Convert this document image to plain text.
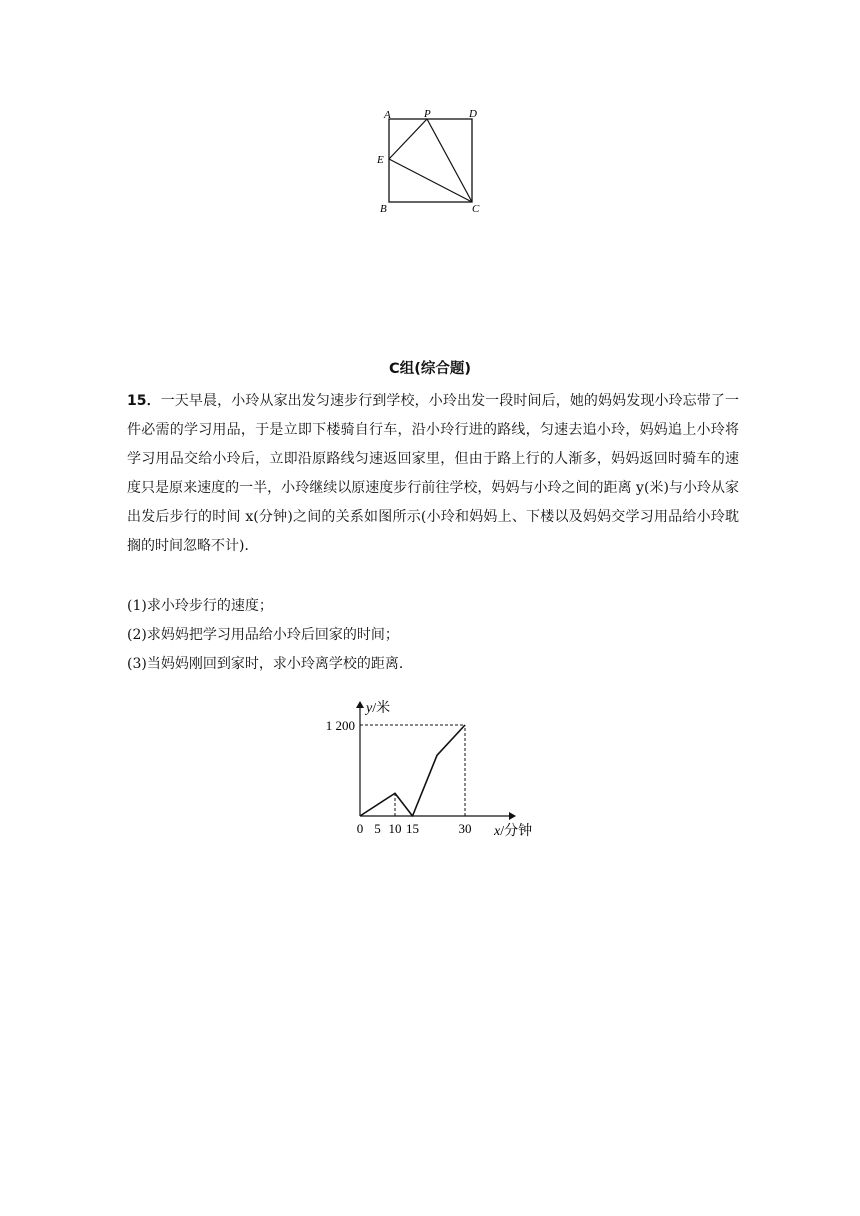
A	P	D
E
B	C
C组(综合题)

15．一天早晨，小玲从家出发匀速步行到学校，小玲出发一段时间后，她的妈妈发现小玲忘带了一件必需的学习用品，于是立即下楼骑自行车，沿小玲行进的路线，匀速去追小玲，妈妈追上小玲将学习用品交给小玲后，立即沿原路线匀速返回家里，但由于路上行的人渐多，妈妈返回时骑车的速度只是原来速度的一半，小玲继续以原速度步行前往学校，妈妈与小玲之间的距离 y(米)与小玲从家出发后步行的时间 x(分钟)之间的关系如图所示(小玲和妈妈上、下楼以及妈妈交学习用品给小玲耽搁的时间忽略不计)．

(1)求小玲步行的速度；
(2)求妈妈把学习用品给小玲后回家的时间；
(3)当妈妈刚回到家时，求小玲离学校的距离．
0 5 10 15	30
1 200
y/米
x/分钟
